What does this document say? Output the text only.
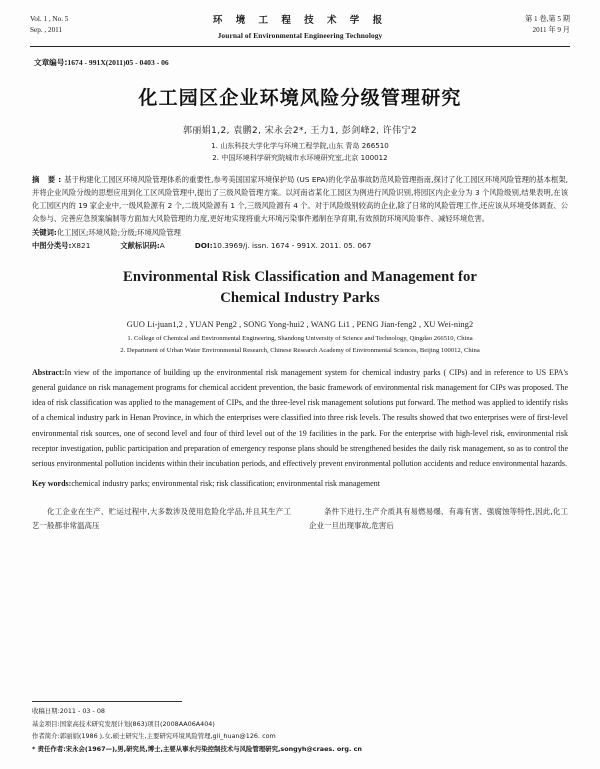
Vol. 1 , No. 5
Sep. , 2011
环 境 工 程 技 术 学 报
Journal of Environmental Engineering Technology
第 1 卷,第 5 期
2011 年 9 月
文章编号:1674 - 991X(2011)05 - 0403 - 06
化工园区企业环境风险分级管理研究
郭丽娟1,2, 袁鹏2, 宋永会2*, 王力1, 彭剑峰2, 许伟宁2
1. 山东科技大学化学与环境工程学院,山东 青岛 266510
2. 中国环境科学研究院城市水环境研究室,北京 100012
摘 要:基于构建化工园区环境风险管理体系的重要性,参考美国国家环境保护局 (US EPA)的化学品事故防范风险管理指南,探讨了化工园区环境风险管理的基本框架,并将企业风险分级的思想应用到化工区风险管理中,提出了三级风险管理方案。以河南省某化工园区为例进行风险识别,将园区内企业分为 3 个风险级别,结果表明,在该化工园区内的 19 家企业中,一级风险源有 2 个,二级风险源有 1 个,三级风险源有 4 个。对于风险级别较高的企业,除了日常的风险管理工作,还应该从环境受体调查、公众参与、完善应急预案编制等方面加大风险管理的力度,更好地实现将重大环境污染事件遏制在孕育期,有效预防环境风险事件、减轻环境危害。
关键词:化工园区;环境风险;分级;环境风险管理
中图分类号:X821	文献标识码:A	DOI:10.3969/j. issn. 1674 - 991X. 2011. 05. 067
Environmental Risk Classification and Management for
Chemical Industry Parks
GUO Li-juan1,2 , YUAN Peng2 , SONG Yong-hui2 , WANG Li1 , PENG Jian-feng2 , XU Wei-ning2
1. College of Chemical and Environmental Engineering, Shandong University of Science and Technology, Qingdao 266510, China
2. Department of Urban Water Environmental Research, Chinese Research Academy of Environmental Sciences, Beijing 100012, China
Abstract:In view of the importance of building up the environmental risk management system for chemical industry parks ( CIPs) and in reference to US EPA's general guidance on risk management programs for chemical accident prevention, the basic framework of environmental risk management for CIPs was proposed. The idea of risk classification was applied to the management of CIPs, and the three-level risk management solutions put forward. The method was applied to identify risks of a chemical industry park in Henan Province, in which the enterprises were classified into three risk levels. The results showed that two enterprises were of first-level environmental risk sources, one of second level and four of third level out of the 19 facilities in the park. For the enterprise with high-level risk, environmental risk receptor investigation, public participation and preparation of emergency response plans should be strengthened besides the daily risk management, so as to control the serious environmental pollution incidents within their incubation periods, and effectively prevent environmental pollution accidents and reduce environmental hazards.
Key words:chemical industry parks; environmental risk; risk classification; environmental risk management

化工企业在生产、贮运过程中,大多数涉及使用危险化学品,并且其生产工艺一般都非常温高压

条件下进行,生产介质具有易燃易爆、有毒有害、强腐蚀等特性,因此,化工企业一旦出现事故,危害后

收稿日期:2011 - 03 - 08
基金项目:国家高技术研究发展计划(863)项目(2008AA06A404)
作者简介:郭丽娟(1986 ),女,硕士研究生,主要研究环境风险管理,gli_huan@126. com
* 责任作者:宋永会(1967—),男,研究员,博士,主要从事水污染控制技术与风险管理研究,songyh@craes. org. cn
